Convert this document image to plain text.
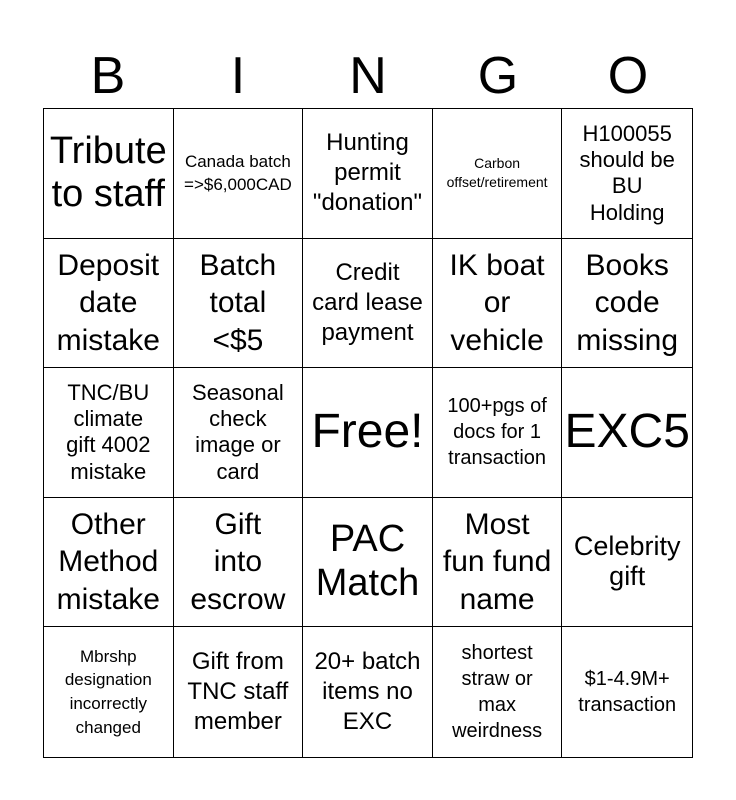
B	I	N	G	O
Tribute
to staff
Canada batch
=>$6,000CAD
Hunting
permit
"donation"
Carbon
offset/retirement
H100055
should be
BU
Holding
Deposit
date
mistake
Batch
total
<$5
Credit
card lease
payment
IK boat
or
vehicle
Books
code
missing
TNC/BU
climate
gift 4002
mistake
Seasonal
check
image or
card
Free! 100+pgs of
docs for 1
transaction
EXC5
Other
Method
mistake
Gift
into
escrow
PAC
Match
Most
fun fund
name
Celebrity
gift
Mbrshp
designation
incorrectly
changed
Gift from
TNC staff
member
20+ batch
items no
EXC
shortest
straw or
max
weirdness
$1-4.9M+
transaction
